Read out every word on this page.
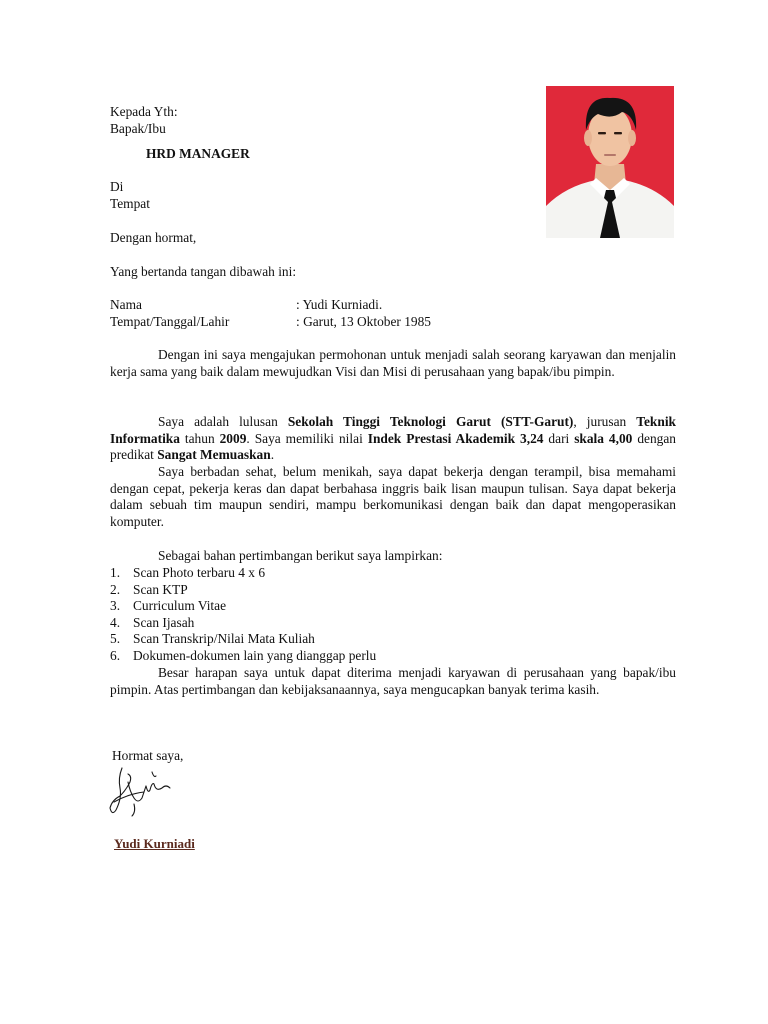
Kepada Yth:
Bapak/Ibu
HRD MANAGER
Di
Tempat
Dengan hormat,
Yang bertanda tangan dibawah ini:
Nama	: Yudi Kurniadi.
Tempat/Tanggal/Lahir	: Garut, 13 Oktober 1985
Dengan ini saya mengajukan permohonan untuk menjadi salah seorang karyawan dan menjalin kerja sama yang baik dalam mewujudkan Visi dan Misi di perusahaan yang bapak/ibu pimpin.
Saya adalah lulusan Sekolah Tinggi Teknologi Garut (STT-Garut), jurusan Teknik Informatika tahun 2009. Saya memiliki nilai Indek Prestasi Akademik 3,24 dari skala 4,00 dengan predikat Sangat Memuaskan.
Saya berbadan sehat, belum menikah, saya dapat bekerja dengan terampil, bisa memahami dengan cepat, pekerja keras dan dapat berbahasa inggris baik lisan maupun tulisan. Saya dapat bekerja dalam sebuah tim maupun sendiri, mampu berkomunikasi dengan baik dan dapat mengoperasikan komputer.
Sebagai bahan pertimbangan berikut saya lampirkan:
1. Scan Photo terbaru 4 x 6
2. Scan KTP
3. Curriculum Vitae
4. Scan Ijasah
5. Scan Transkrip/Nilai Mata Kuliah
6. Dokumen-dokumen lain yang dianggap perlu
Besar harapan saya untuk dapat diterima menjadi karyawan di perusahaan yang bapak/ibu pimpin. Atas pertimbangan dan kebijaksanaannya, saya mengucapkan banyak terima kasih.
Hormat saya,
Yudi Kurniadi
